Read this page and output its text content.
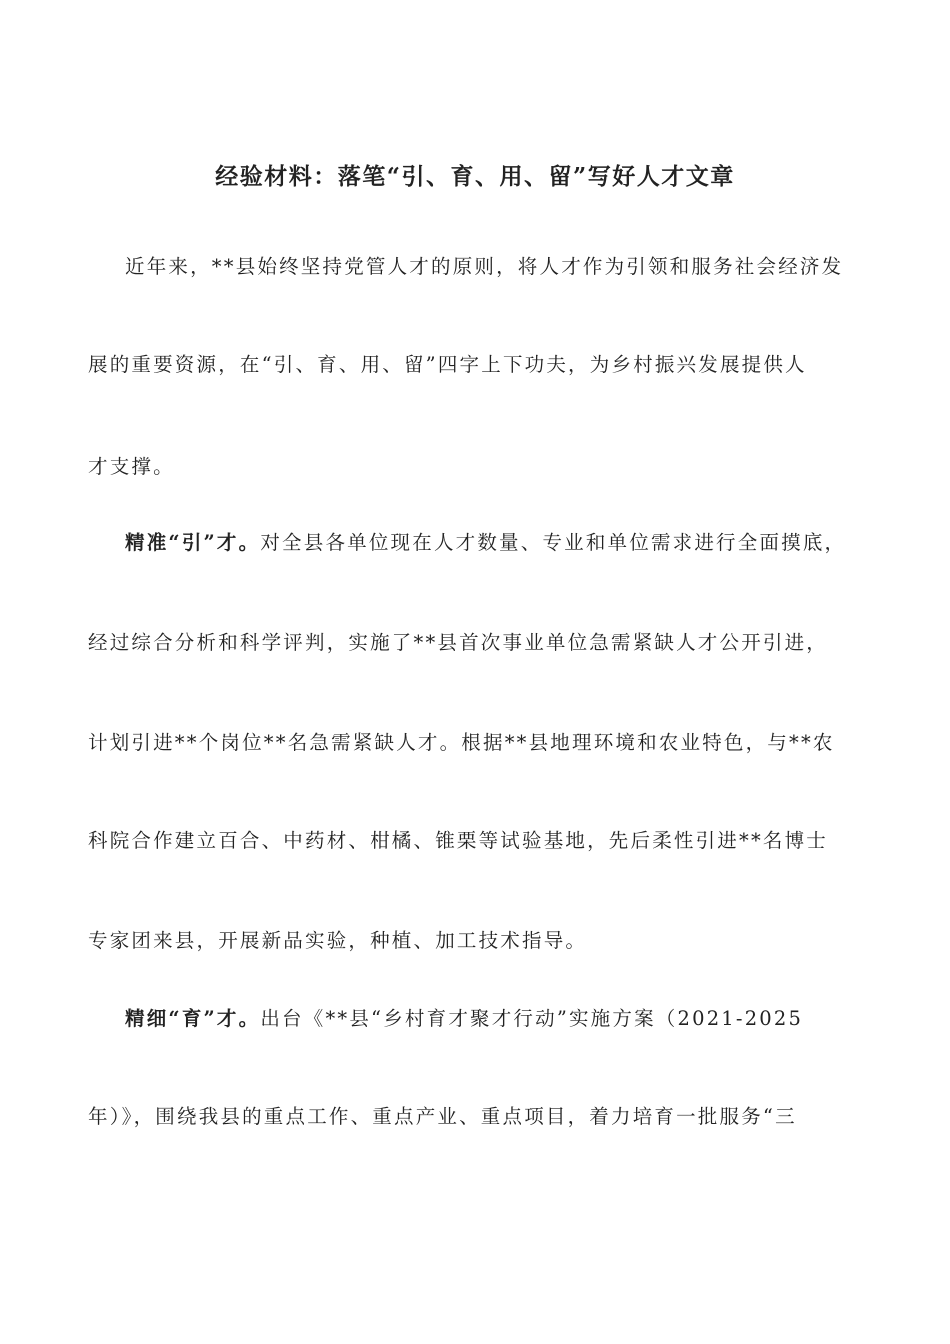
经验材料：落笔“引、育、用、留”写好人才文章
近年来，**县始终坚持党管人才的原则，将人才作为引领和服务社会经济发
展的重要资源，在“引、育、用、留”四字上下功夫，为乡村振兴发展提供人
才支撑。
精准“引”才。对全县各单位现在人才数量、专业和单位需求进行全面摸底，
经过综合分析和科学评判，实施了**县首次事业单位急需紧缺人才公开引进，
计划引进**个岗位**名急需紧缺人才。根据**县地理环境和农业特色，与**农
科院合作建立百合、中药材、柑橘、锥栗等试验基地，先后柔性引进**名博士
专家团来县，开展新品实验，种植、加工技术指导。
精细“育”才。出台《**县“乡村育才聚才行动”实施方案（2021-2025
年）》，围绕我县的重点工作、重点产业、重点项目，着力培育一批服务“三
